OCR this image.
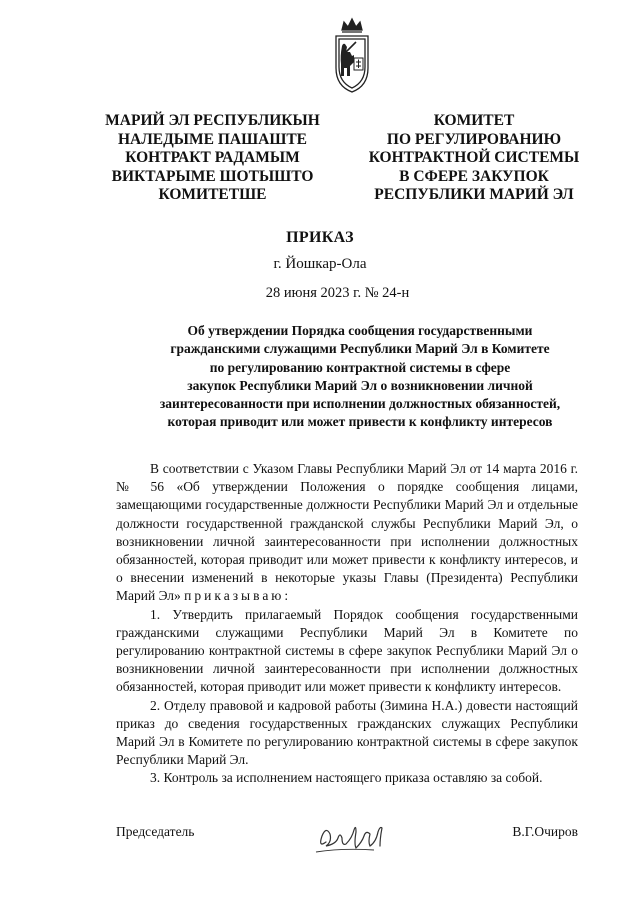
МАРИЙ ЭЛ РЕСПУБЛИКЫН
НАЛЕДЫМЕ ПАШАШТЕ
КОНТРАКТ РАДАМЫМ
ВИКТАРЫМЕ ШОТЫШТО
КОМИТЕТШЕ
КОМИТЕТ
ПО РЕГУЛИРОВАНИЮ
КОНТРАКТНОЙ СИСТЕМЫ
В СФЕРЕ ЗАКУПОК
РЕСПУБЛИКИ МАРИЙ ЭЛ
ПРИКАЗ
г. Йошкар-Ола
28 июня 2023 г. № 24-н
Об утверждении Порядка сообщения государственными
гражданскими служащими Республики Марий Эл в Комитете
по регулированию контрактной системы в сфере
закупок Республики Марий Эл о возникновении личной
заинтересованности при исполнении должностных обязанностей,
которая приводит или может привести к конфликту интересов

В соответствии с Указом Главы Республики Марий Эл от 14 марта 2016 г. № 56 «Об утверждении Положения о порядке сообщения лицами, замещающими государственные должности Республики Марий Эл и отдельные должности государственной гражданской службы Республики Марий Эл, о возникновении личной заинтересованности при исполнении должностных обязанностей, которая приводит или может привести к конфликту интересов, и о внесении изменений в некоторые указы Главы (Президента) Республики Марий Эл» приказываю:

1. Утвердить прилагаемый Порядок сообщения государственными гражданскими служащими Республики Марий Эл в Комитете по регулированию контрактной системы в сфере закупок Республики Марий Эл о возникновении личной заинтересованности при исполнении должностных обязанностей, которая приводит или может привести к конфликту интересов.

2. Отделу правовой и кадровой работы (Зимина Н.А.) довести настоящий приказ до сведения государственных гражданских служащих Республики Марий Эл в Комитете по регулированию контрактной системы в сфере закупок Республики Марий Эл.

3. Контроль за исполнением настоящего приказа оставляю за собой.

Председатель	В.Г.Очиров
